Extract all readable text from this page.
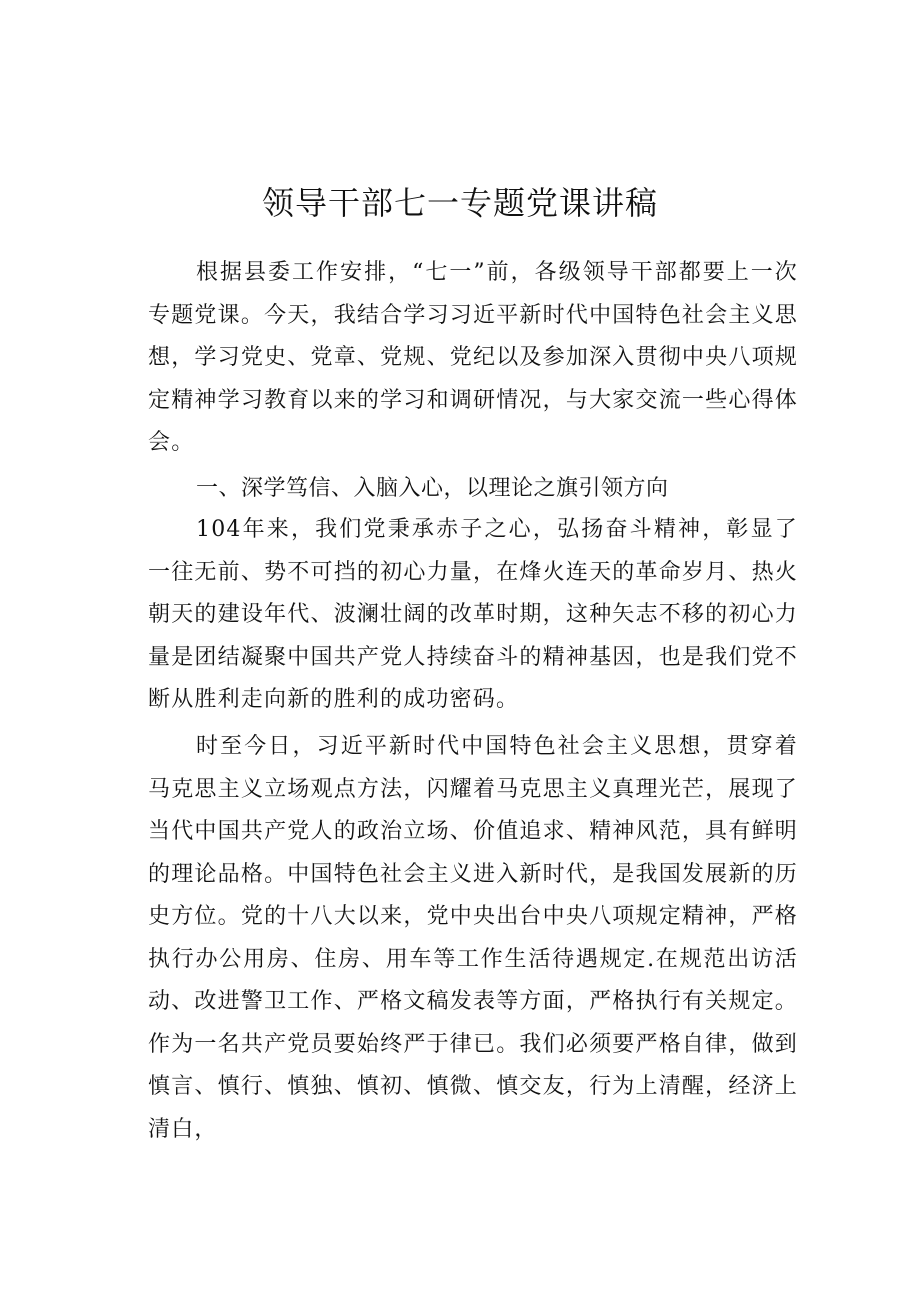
领导干部七一专题党课讲稿

根据县委工作安排，“七一”前，各级领导干部都要上一次专题党课。今天，我结合学习习近平新时代中国特色社会主义思想，学习党史、党章、党规、党纪以及参加深入贯彻中央八项规定精神学习教育以来的学习和调研情况，与大家交流一些心得体会。

一、深学笃信、入脑入心，以理论之旗引领方向

104年来，我们党秉承赤子之心，弘扬奋斗精神，彰显了一往无前、势不可挡的初心力量，在烽火连天的革命岁月、热火朝天的建设年代、波澜壮阔的改革时期，这种矢志不移的初心力量是团结凝聚中国共产党人持续奋斗的精神基因，也是我们党不断从胜利走向新的胜利的成功密码。

时至今日，习近平新时代中国特色社会主义思想，贯穿着马克思主义立场观点方法，闪耀着马克思主义真理光芒，展现了当代中国共产党人的政治立场、价值追求、精神风范，具有鲜明的理论品格。中国特色社会主义进入新时代，是我国发展新的历史方位。党的十八大以来，党中央出台中央八项规定精神，严格执行办公用房、住房、用车等工作生活待遇规定.在规范出访活动、改进警卫工作、严格文稿发表等方面，严格执行有关规定。作为一名共产党员要始终严于律已。我们必须要严格自律，做到慎言、慎行、慎独、慎初、慎微、慎交友，行为上清醒，经济上清白，
